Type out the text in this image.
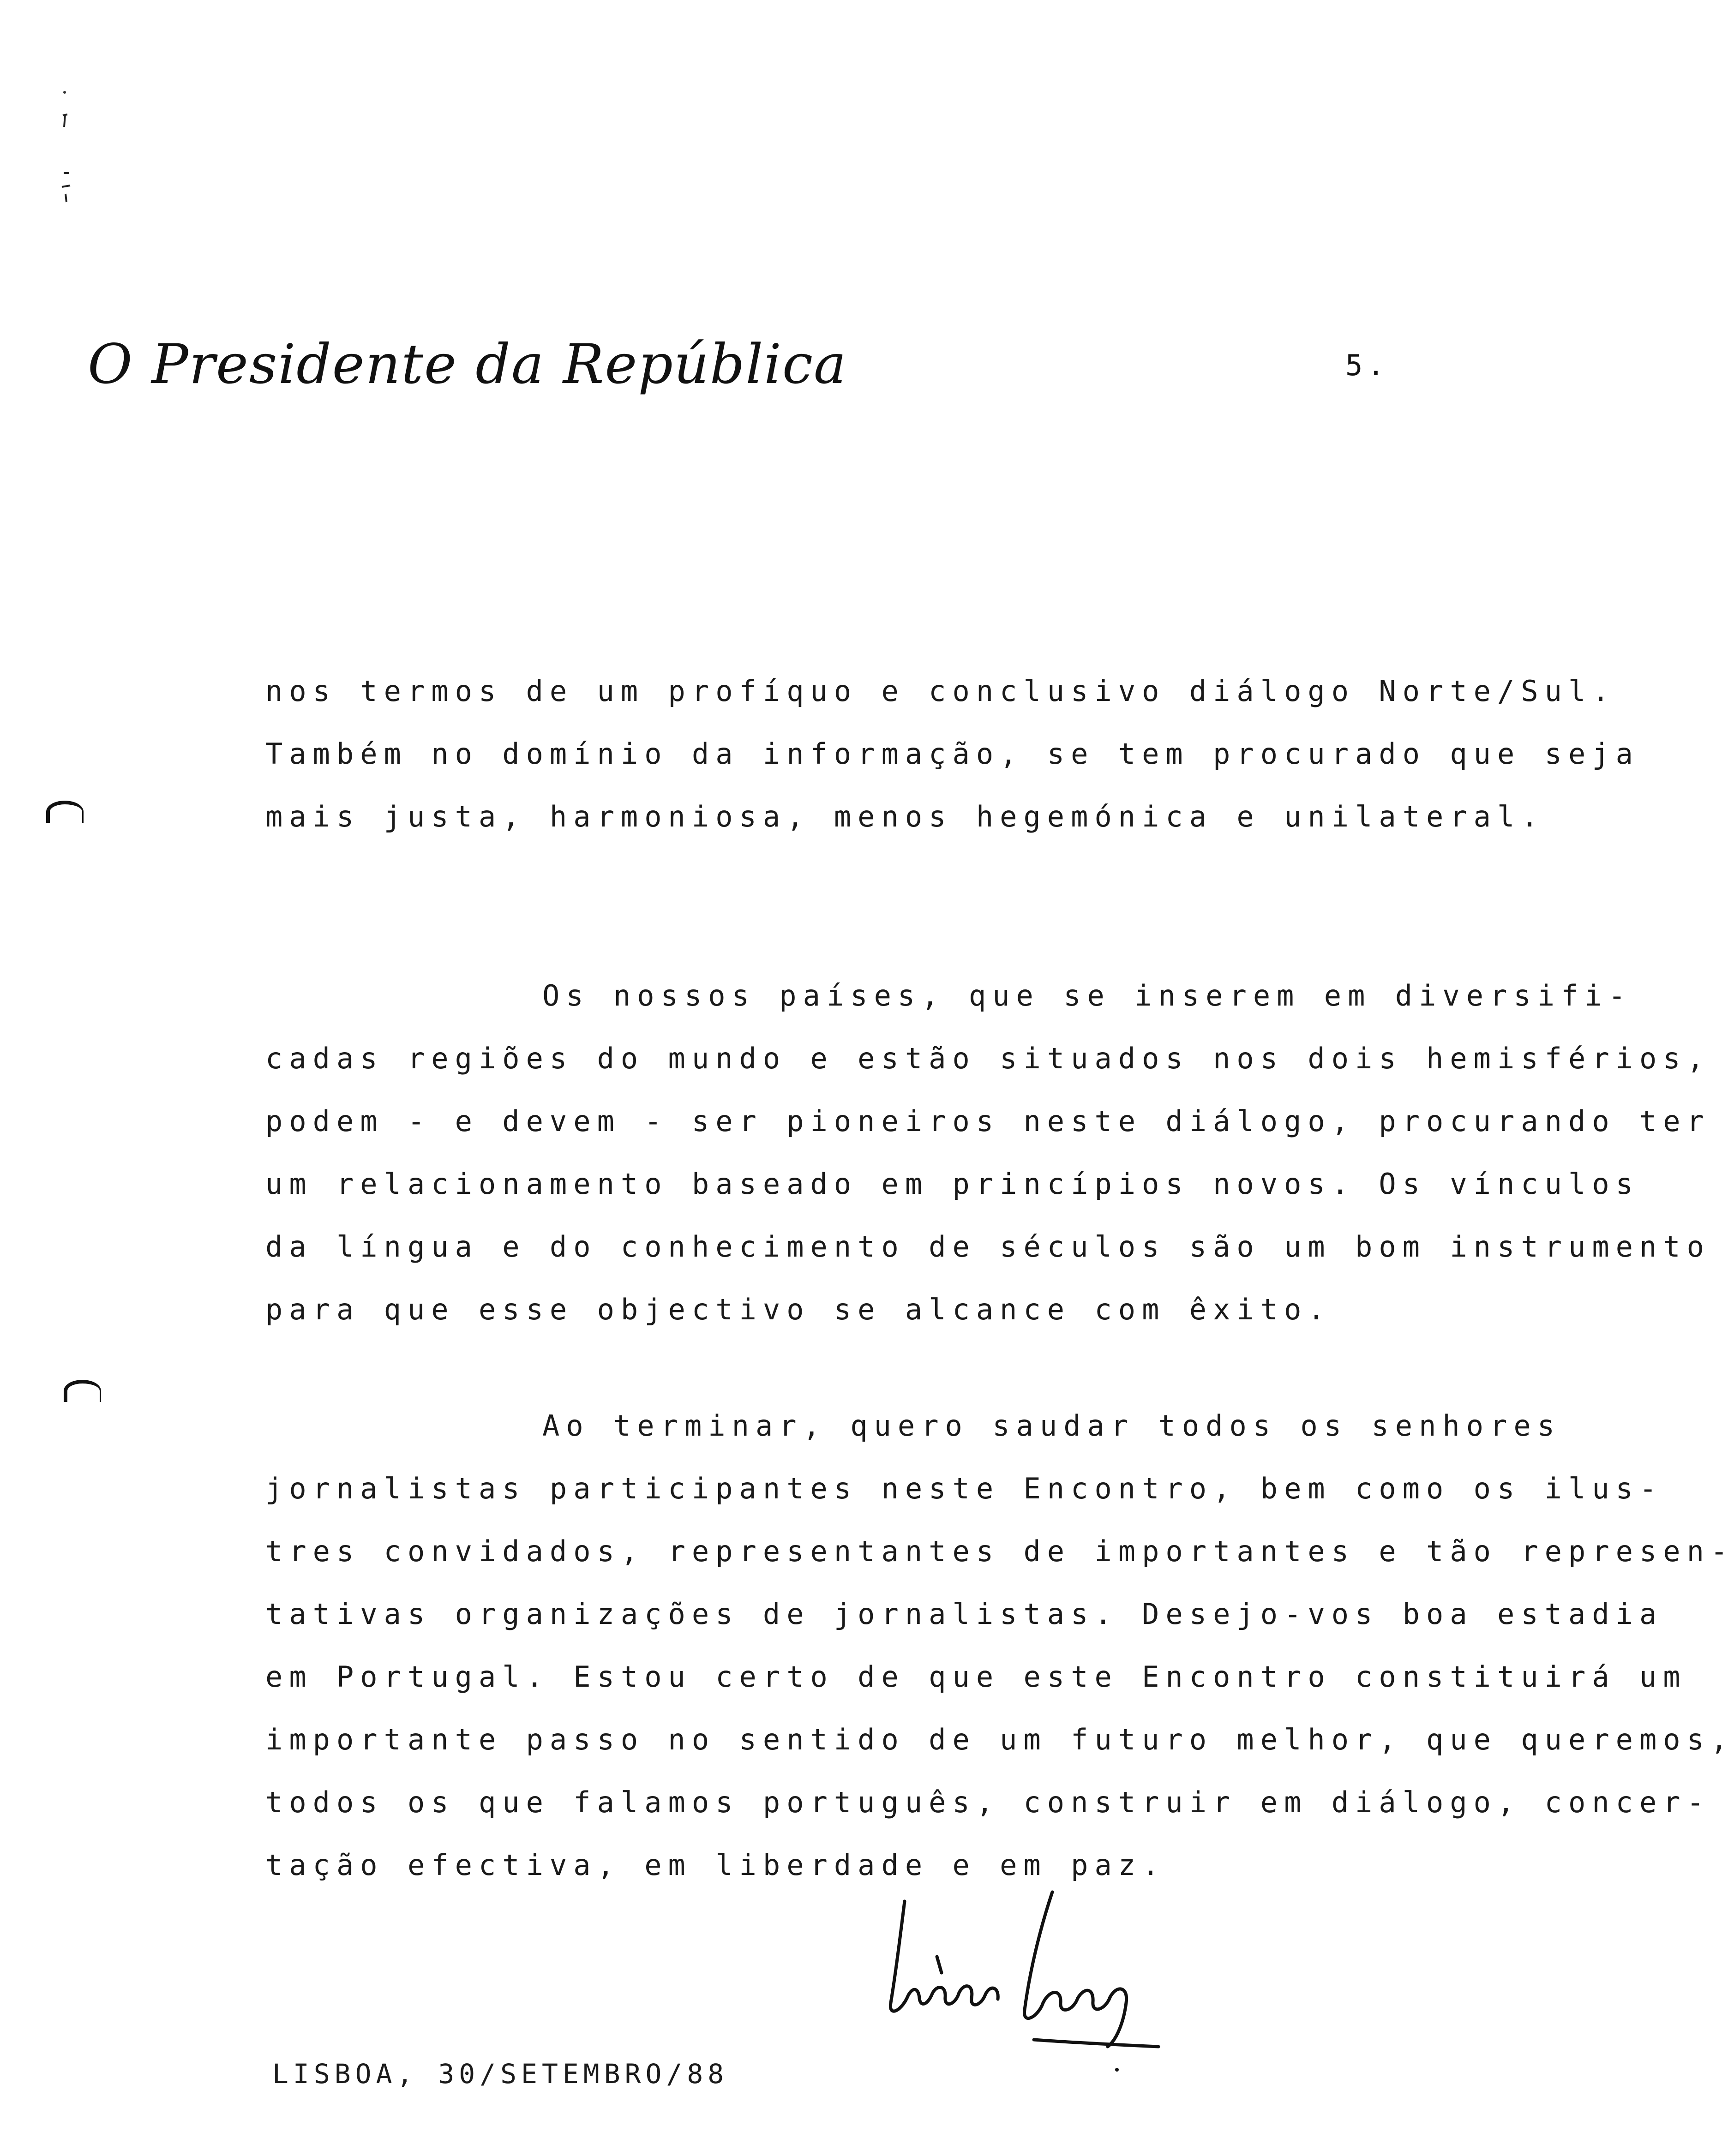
O Presidente da República	5.
nos termos de um profíquo e conclusivo diálogo Norte/Sul.
Também no domínio da informação, se tem procurado que seja
mais justa, harmoniosa, menos hegemónica e unilateral.
Os nossos países, que se inserem em diversifi-
cadas regiões do mundo e estão situados nos dois hemisférios,
podem - e devem - ser pioneiros neste diálogo, procurando ter
um relacionamento baseado em princípios novos. Os vínculos
da língua e do conhecimento de séculos são um bom instrumento
para que esse objectivo se alcance com êxito.
Ao terminar, quero saudar todos os senhores
jornalistas participantes neste Encontro, bem como os ilus-
tres convidados, representantes de importantes e tão represen-
tativas organizações de jornalistas. Desejo-vos boa estadia
em Portugal. Estou certo de que este Encontro constituirá um
importante passo no sentido de um futuro melhor, que queremos,
todos os que falamos português, construir em diálogo, concer-
tação efectiva, em liberdade e em paz.
LISBOA, 30/SETEMBRO/88
